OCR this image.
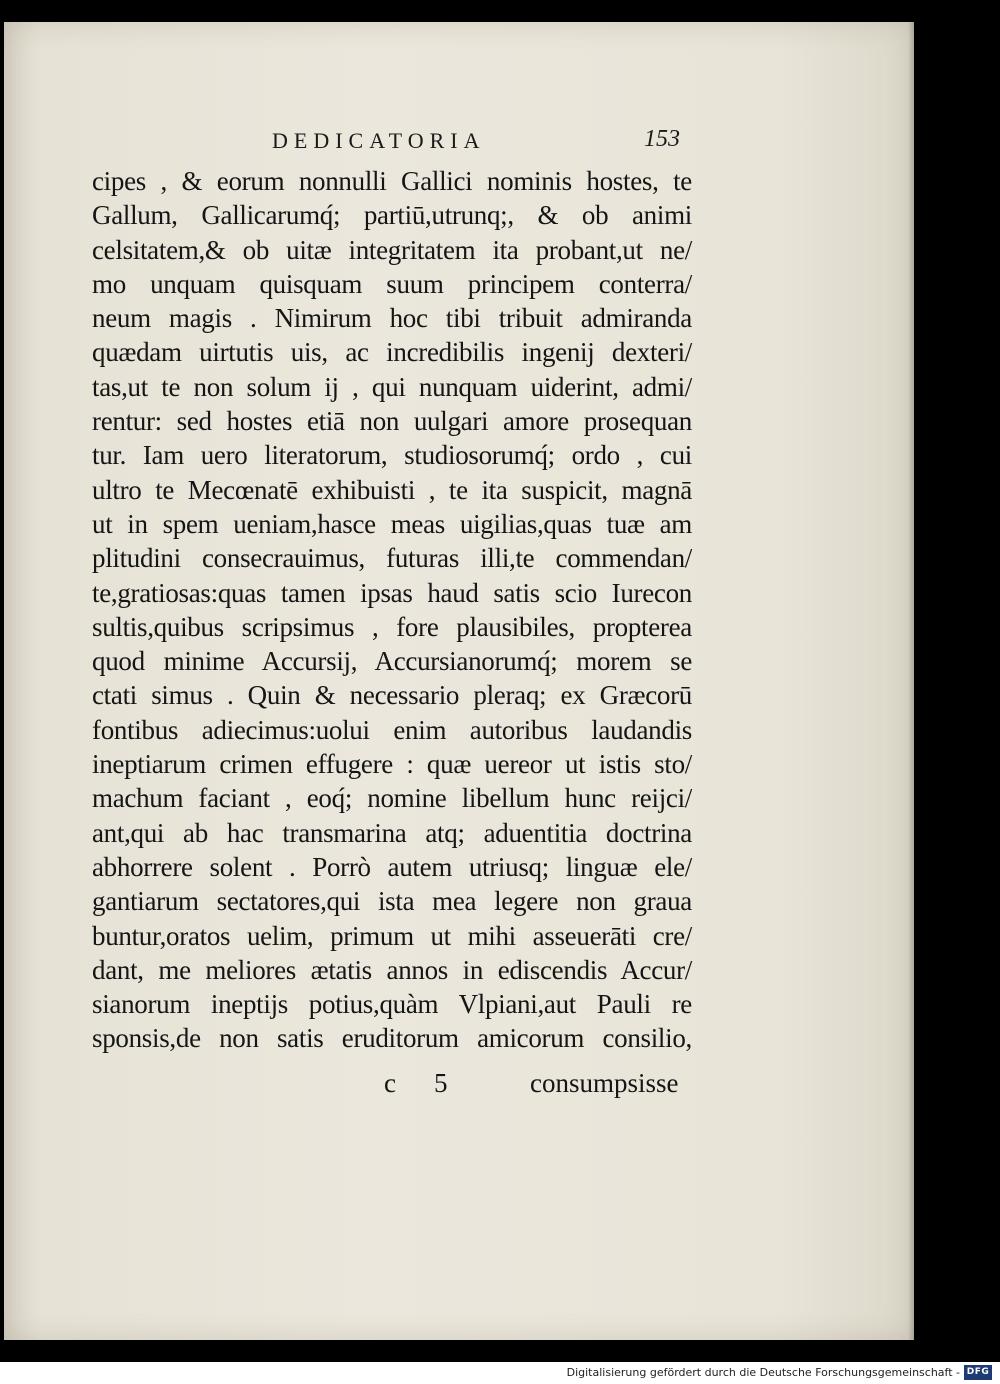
DEDICATORIA	153
cipes , & eorum nonnulli Gallici nominis hostes, te
Gallum, Gallicarumq́; partiū,utrunq;, & ob animi
celsitatem,& ob uitæ integritatem ita probant,ut ne/
mo unquam quisquam suum principem conterra/
neum magis . Nimirum hoc tibi tribuit admiranda
quædam uirtutis uis, ac incredibilis ingenij dexteri/
tas,ut te non solum ij , qui nunquam uiderint, admi/
rentur: sed hostes etiā non uulgari amore prosequan
tur. Iam uero literatorum, studiosorumq́; ordo , cui
ultro te Mecœnatē exhibuisti , te ita suspicit, magnā
ut in spem ueniam,hasce meas uigilias,quas tuæ am
plitudini consecrauimus, futuras illi,te commendan/
te,gratiosas:quas tamen ipsas haud satis scio Iurecon
sultis,quibus scripsimus , fore plausibiles, propterea
quod minime Accursij, Accursianorumq́; morem se
ctati simus . Quin & necessario pleraq; ex Græcorū
fontibus adiecimus:uolui enim autoribus laudandis
ineptiarum crimen effugere : quæ uereor ut istis sto/
machum faciant , eoq́; nomine libellum hunc reijci/
ant,qui ab hac transmarina atq; aduentitia doctrina
abhorrere solent . Porrò autem utriusq; linguæ ele/
gantiarum sectatores,qui ista mea legere non graua
buntur,oratos uelim, primum ut mihi asseuerāti cre/
dant, me meliores ætatis annos in ediscendis Accur/
sianorum ineptijs potius,quàm Vlpiani,aut Pauli re
sponsis,de non satis eruditorum amicorum consilio,
c 5	consumpsisse
Digitalisierung gefördert durch die Deutsche Forschungsgemeinschaft - DFG
